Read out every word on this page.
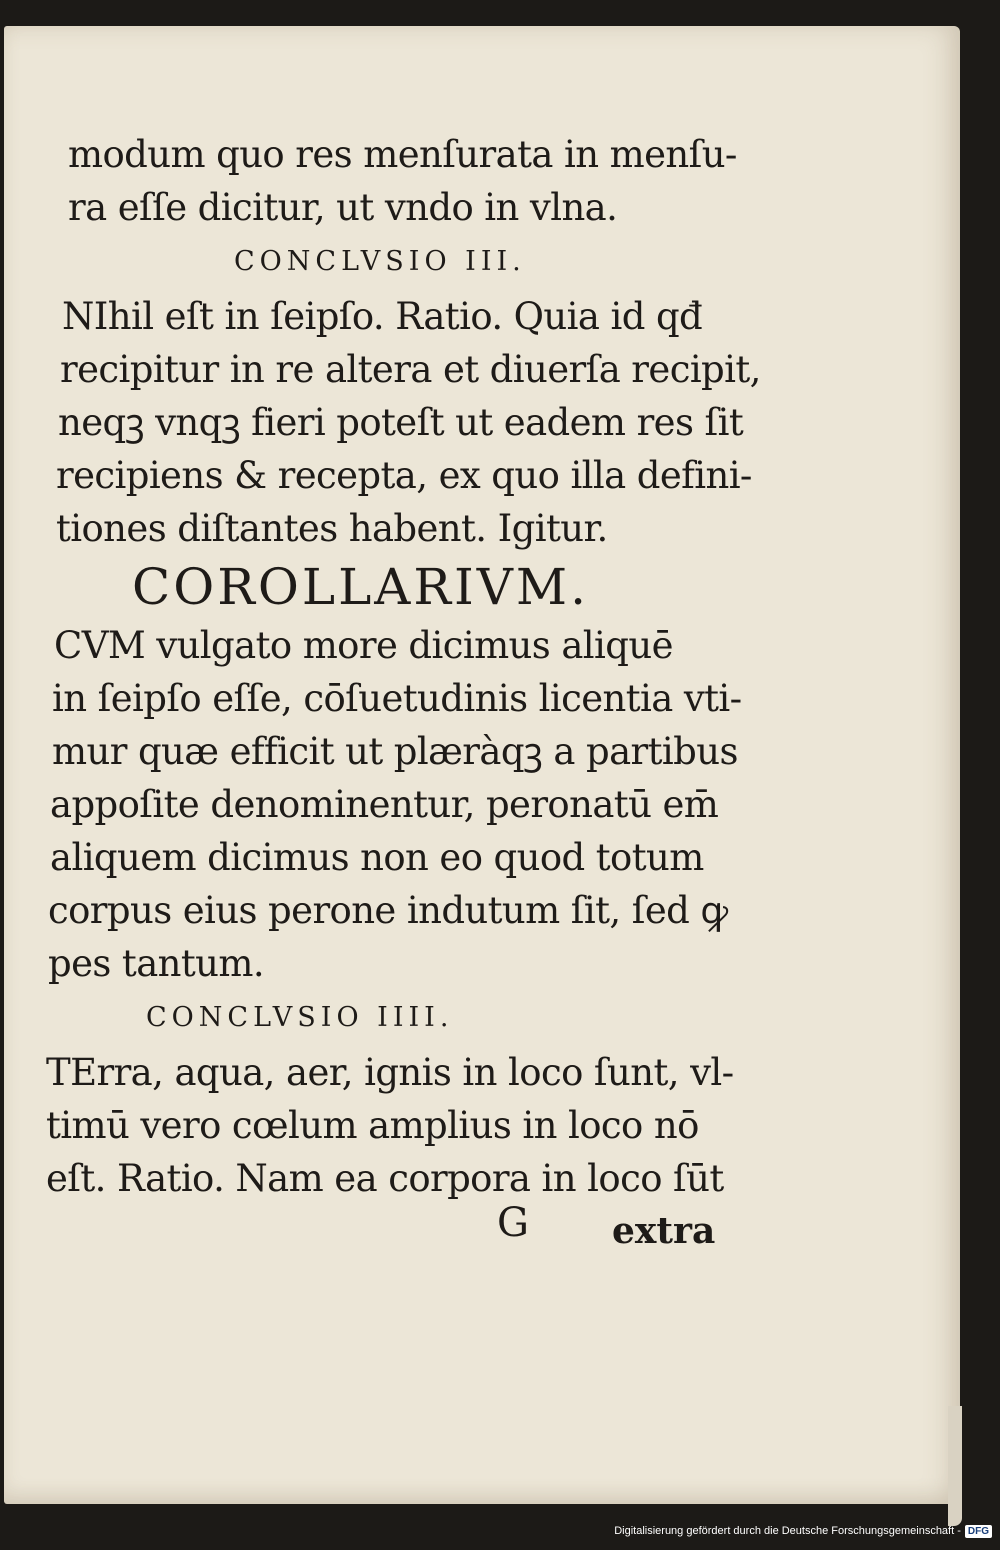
modum quo res menſurata in menſu-
ra eſſe dicitur, ut vndo in vlna.
CONCLVSIO III.
NIhil eſt in ſeipſo. Ratio. Quia id qđ
recipitur in re altera et diuerſa recipit,
neqꝫ vnqꝫ fieri poteſt ut eadem res ſit
recipiens & recepta, ex quo illa defini-
tiones diſtantes habent. Igitur.
COROLLARIVM.
CVM vulgato more dicimus aliquē
in ſeipſo eſſe, cōſuetudinis licentia vti-
mur quæ efficit ut plæràqꝫ a partibus
appoſite denominentur, peronatū em̄
aliquem dicimus non eo quod totum
corpus eius perone indutum ſit, ſed ꝙ
pes tantum.
CONCLVSIO IIII.
TErra, aqua, aer, ignis in loco ſunt, vl-
timū vero cœlum amplius in loco nō
eſt. Ratio. Nam ea corpora in loco ſūt
G extra
Digitalisierung gefördert durch die Deutsche Forschungsgemeinschaft - DFG
